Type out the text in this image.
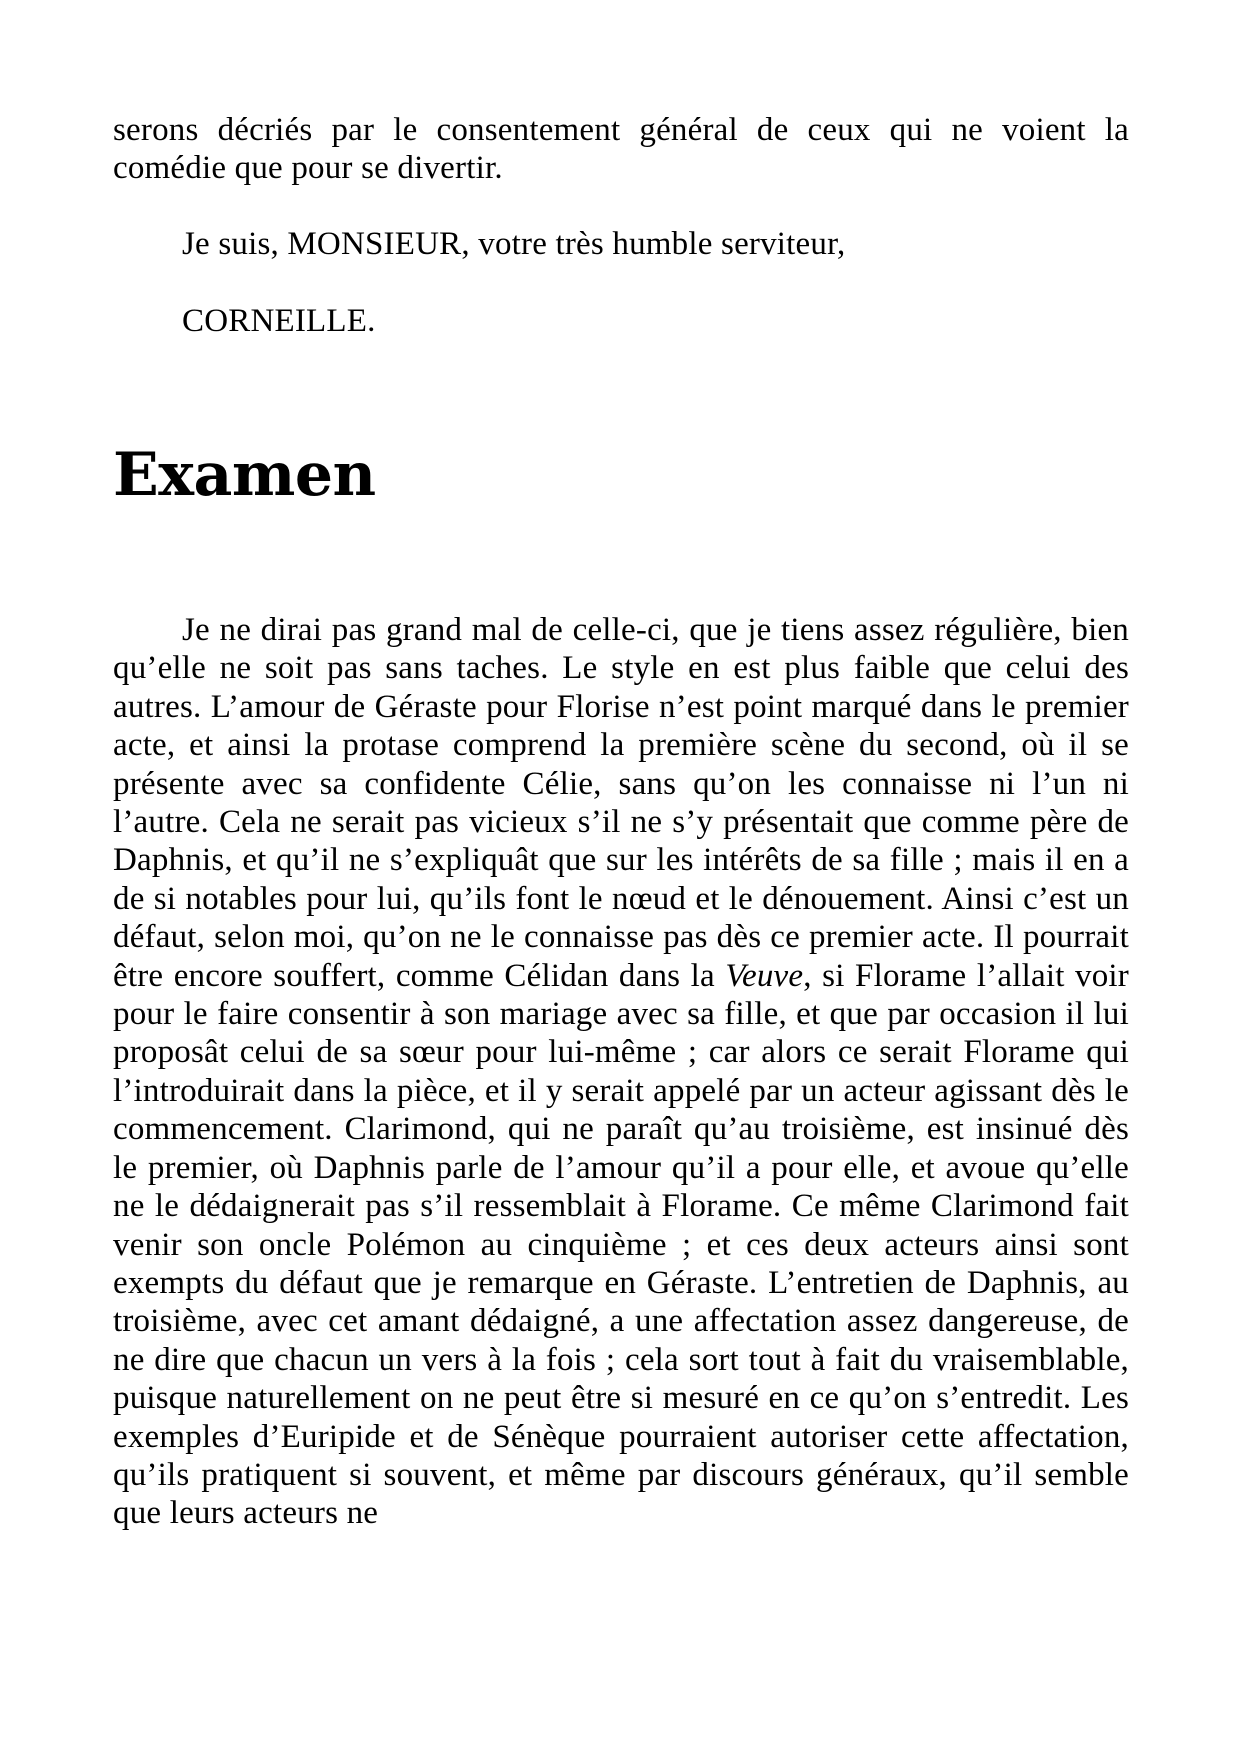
serons décriés par le consentement général de ceux qui ne voient la comédie que pour se divertir.

Je suis, MONSIEUR, votre très humble serviteur,

CORNEILLE.

Examen

Je ne dirai pas grand mal de celle-ci, que je tiens assez régulière, bien qu’elle ne soit pas sans taches. Le style en est plus faible que celui des autres. L’amour de Géraste pour Florise n’est point marqué dans le premier acte, et ainsi la protase comprend la première scène du second, où il se présente avec sa confidente Célie, sans qu’on les connaisse ni l’un ni l’autre. Cela ne serait pas vicieux s’il ne s’y présentait que comme père de Daphnis, et qu’il ne s’expliquât que sur les intérêts de sa fille ; mais il en a de si notables pour lui, qu’ils font le nœud et le dénouement. Ainsi c’est un défaut, selon moi, qu’on ne le connaisse pas dès ce premier acte. Il pourrait être encore souffert, comme Célidan dans la Veuve, si Florame l’allait voir pour le faire consentir à son mariage avec sa fille, et que par occasion il lui proposât celui de sa sœur pour lui-même ; car alors ce serait Florame qui l’introduirait dans la pièce, et il y serait appelé par un acteur agissant dès le commencement. Clarimond, qui ne paraît qu’au troisième, est insinué dès le premier, où Daphnis parle de l’amour qu’il a pour elle, et avoue qu’elle ne le dédaignerait pas s’il ressemblait à Florame. Ce même Clarimond fait venir son oncle Polémon au cinquième ; et ces deux acteurs ainsi sont exempts du défaut que je remarque en Géraste. L’entretien de Daphnis, au troisième, avec cet amant dédaigné, a une affectation assez dangereuse, de ne dire que chacun un vers à la fois ; cela sort tout à fait du vraisemblable, puisque naturellement on ne peut être si mesuré en ce qu’on s’entredit. Les exemples d’Euripide et de Sénèque pourraient autoriser cette affectation, qu’ils pratiquent si souvent, et même par discours généraux, qu’il semble que leurs acteurs ne
